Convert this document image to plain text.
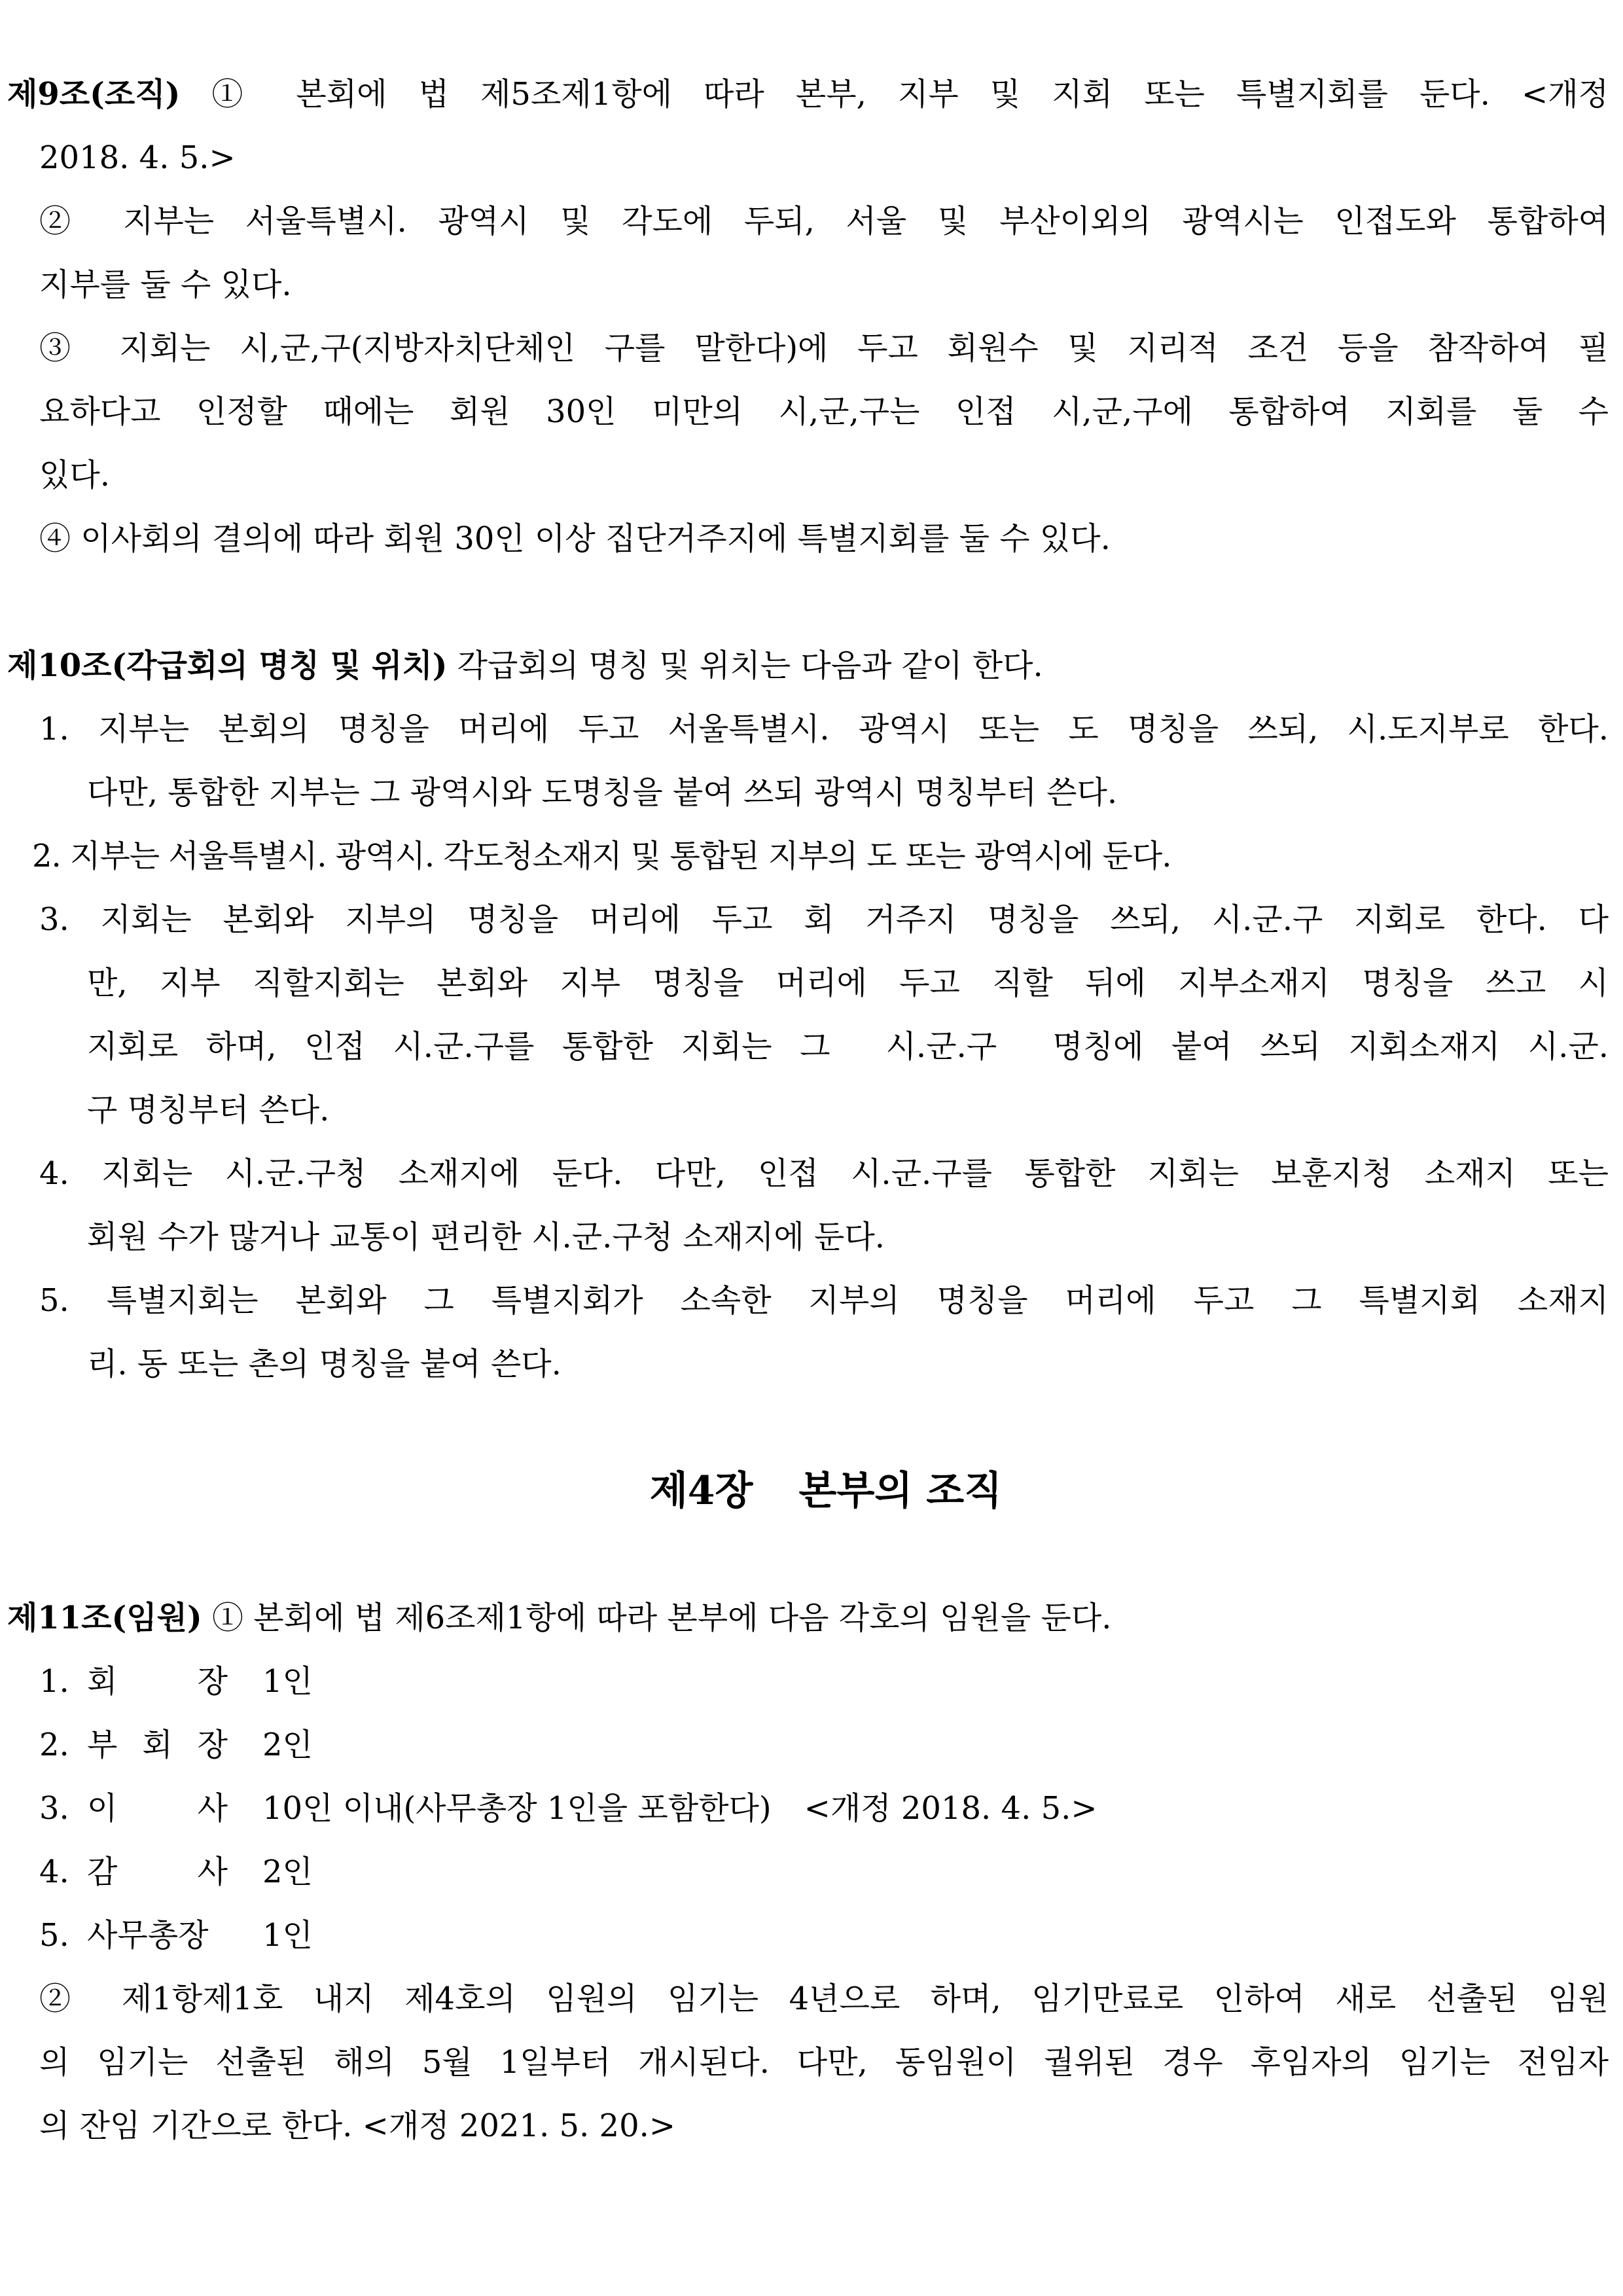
제9조(조직) ① 본회에 법 제5조제1항에 따라 본부, 지부 및 지회 또는 특별지회를 둔다. <개정
2018. 4. 5.>
② 지부는 서울특별시. 광역시 및 각도에 두되, 서울 및 부산이외의 광역시는 인접도와 통합하여
지부를 둘 수 있다.
③ 지회는 시,군,구(지방자치단체인 구를 말한다)에 두고 회원수 및 지리적 조건 등을 참작하여 필
요하다고 인정할 때에는 회원 30인 미만의 시,군,구는 인접 시,군,구에 통합하여 지회를 둘 수
있다.
④ 이사회의 결의에 따라 회원 30인 이상 집단거주지에 특별지회를 둘 수 있다.
제10조(각급회의 명칭 및 위치) 각급회의 명칭 및 위치는 다음과 같이 한다.
1. 지부는 본회의 명칭을 머리에 두고 서울특별시. 광역시 또는 도 명칭을 쓰되, 시.도지부로 한다.
다만, 통합한 지부는 그 광역시와 도명칭을 붙여 쓰되 광역시 명칭부터 쓴다.
2. 지부는 서울특별시. 광역시. 각도청소재지 및 통합된 지부의 도 또는 광역시에 둔다.
3. 지회는 본회와 지부의 명칭을 머리에 두고 회 거주지 명칭을 쓰되, 시.군.구 지회로 한다. 다
만, 지부 직할지회는 본회와 지부 명칭을 머리에 두고 직할 뒤에 지부소재지 명칭을 쓰고 시
지회로 하며, 인접 시.군.구를 통합한 지회는 그  시.군.구  명칭에 붙여 쓰되 지회소재지 시.군.
구 명칭부터 쓴다.
4. 지회는 시.군.구청 소재지에 둔다. 다만, 인접 시.군.구를 통합한 지회는 보훈지청 소재지 또는
회원 수가 많거나 교통이 편리한 시.군.구청 소재지에 둔다.
5. 특별지회는 본회와 그 특별지회가 소속한 지부의 명칭을 머리에 두고 그 특별지회 소재지
리. 동 또는 촌의 명칭을 붙여 쓴다.
제4장 본부의 조직
제11조(임원) ① 본회에 법 제6조제1항에 따라 본부에 다음 각호의 임원을 둔다.
1. 회 장 1인
2. 부 회 장 2인
3. 이 사 10인 이내(사무총장 1인을 포함한다) <개정 2018. 4. 5.>
4. 감 사 2인
5. 사무총장	1인
② 제1항제1호 내지 제4호의 임원의 임기는 4년으로 하며, 임기만료로 인하여 새로 선출된 임원
의 임기는 선출된 해의 5월 1일부터 개시된다. 다만, 동임원이 궐위된 경우 후임자의 임기는 전임자
의 잔임 기간으로 한다. <개정 2021. 5. 20.>
